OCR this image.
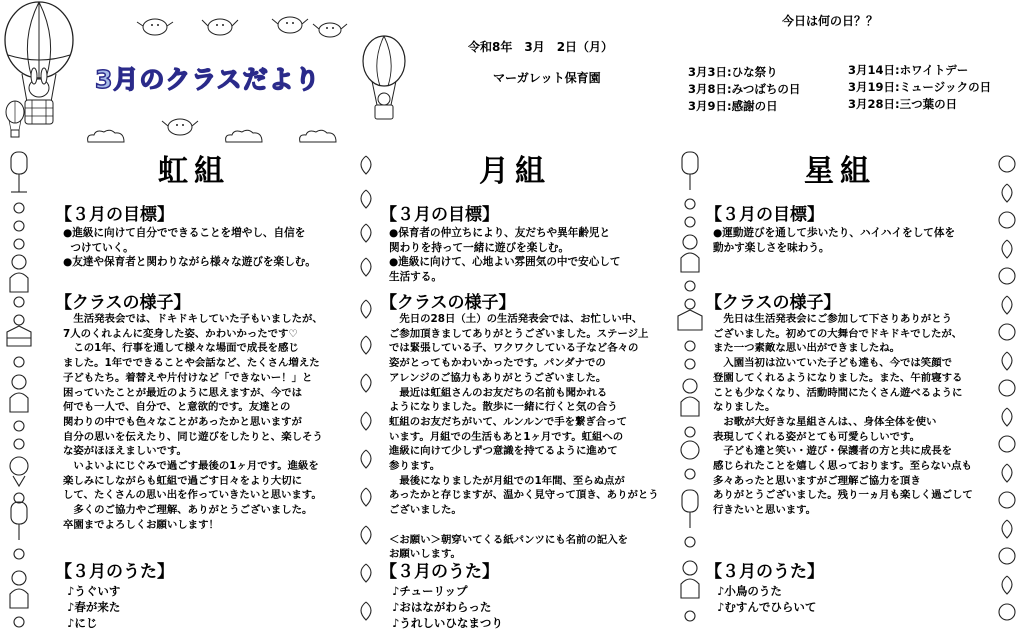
3月のクラスだより
令和8年　3月　2日（月）
マーガレット保育園
今日は何の日？？
3月3日:ひな祭り
3月8日:みつばちの日
3月9日:感謝の日
3月14日:ホワイトデー
3月19日:ミュージックの日
3月28日:三つ葉の日
虹組
【３月の目標】
●進級に向けて自分でできることを増やし、自信を
つけていく。
●友達や保育者と関わりながら様々な遊びを楽しむ。
【クラスの様子】
　生活発表会では、ドキドキしていた子もいましたが、
7人のくれよんに変身した姿、かわいかったです♡
　この1年、行事を通して様々な場面で成長を感じ
ました。1年でできることや会話など、たくさん増えた
子どもたち。着替えや片付けなど「できないー！」と
困っていたことが最近のように思えますが、今では
何でも一人で、自分で、と意欲的です。友達との
関わりの中でも色々なことがあったかと思いますが
自分の思いを伝えたり、同じ遊びをしたりと、楽しそう
な姿がほほえましいです。
　いよいよにじぐみで過ごす最後の1ヶ月です。進級を
楽しみにしながらも虹組で過ごす日々をより大切に
して、たくさんの思い出を作っていきたいと思います。
　多くのご協力やご理解、ありがとうございました。
卒園までよろしくお願いします！
【３月のうた】
♪うぐいす
♪春が来た
♪にじ
月組
【３月の目標】
●保育者の仲立ちにより、友だちや異年齢児と
関わりを持って一緒に遊びを楽しむ。
●進級に向けて、心地よい雰囲気の中で安心して
生活する。
【クラスの様子】
　先日の28日（土）の生活発表会では、お忙しい中、
ご参加頂きましてありがとうございました。ステージ上
では緊張している子、ワクワクしている子など各々の
姿がとってもかわいかったです。パンダナでの
アレンジのご協力もありがとうございました。
　最近は虹組さんのお友だちの名前も聞かれる
ようになりました。散歩に一緒に行くと気の合う
虹組のお友だちがいて、ルンルンで手を繋ぎ合って
います。月組での生活もあと1ヶ月です。虹組への
進級に向けて少しずつ意識を持てるように進めて
参ります。
　最後になりましたが月組での1年間、至らぬ点が
あったかと存じますが、温かく見守って頂き、ありがとう
ございました。

＜お願い＞朝穿いてくる紙パンツにも名前の記入を
お願いします。
【３月のうた】
♪チューリップ
♪おはながわらった
♪うれしいひなまつり
星組
【３月の目標】
●運動遊びを通して歩いたり、ハイハイをして体を
動かす楽しさを味わう。
【クラスの様子】
　先日は生活発表会にご参加して下さりありがとう
ございました。初めての大舞台でドキドキでしたが、
また一つ素敵な思い出ができましたね。
　入園当初は泣いていた子ども達も、今では笑顔で
登園してくれるようになりました。また、午前寝する
ことも少なくなり、活動時間にたくさん遊べるように
なりました。
　お歌が大好きな星組さんは、、身体全体を使い
表現してくれる姿がとても可愛らしいです。
　子ども達と笑い・遊び・保護者の方と共に成長を
感じられたことを嬉しく思っております。至らない点も
多々あったと思いますがご理解ご協力を頂き
ありがとうございました。残り一ヵ月も楽しく過ごして
行きたいと思います。
【３月のうた】
♪小鳥のうた
♪むすんでひらいて
